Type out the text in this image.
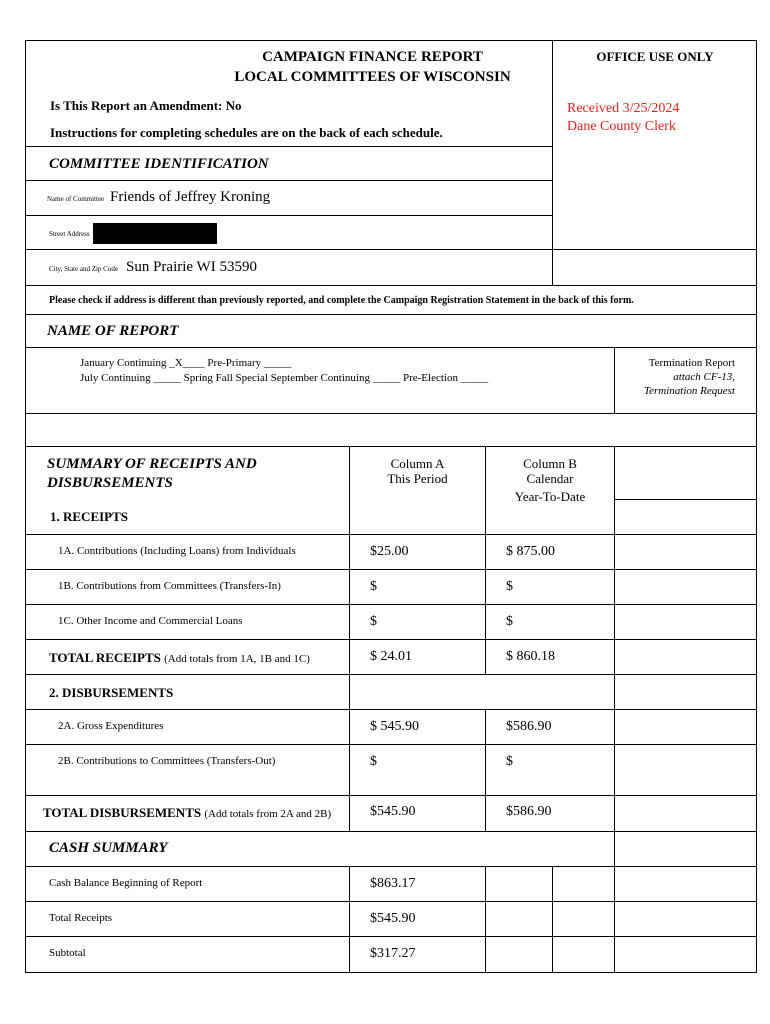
CAMPAIGN FINANCE REPORT
LOCAL COMMITTEES OF WISCONSIN
OFFICE USE ONLY
Received 3/25/2024
Dane County Clerk
Is This Report an Amendment: No
Instructions for completing schedules are on the back of each schedule.
COMMITTEE IDENTIFICATION
Name of Committee Friends of Jeffrey Kroning
Street Address
City, State and Zip Code Sun Prairie WI 53590
Please check if address is different than previously reported, and complete the Campaign Registration Statement in the back of this form.
NAME OF REPORT
January Continuing _X____ Pre-Primary _____
July Continuing _____ Spring Fall Special September Continuing _____ Pre-Election _____
Termination Report
attach CF-13,
Termination Request
SUMMARY OF RECEIPTS AND
DISBURSEMENTS
Column A
This Period
Column B
Calendar
Year-To-Date
1. RECEIPTS
1A. Contributions (Including Loans) from Individuals	$25.00	$ 875.00
1B. Contributions from Committees (Transfers-In)	$	$
1C. Other Income and Commercial Loans	$	$
TOTAL RECEIPTS (Add totals from 1A, 1B and 1C)	$ 24.01	$ 860.18
2. DISBURSEMENTS
2A. Gross Expenditures	$ 545.90	$586.90
2B. Contributions to Committees (Transfers-Out)	$	$
TOTAL DISBURSEMENTS (Add totals from 2A and 2B)	$545.90	$586.90
CASH SUMMARY
Cash Balance Beginning of Report	$863.17
Total Receipts	$545.90
Subtotal	$317.27
